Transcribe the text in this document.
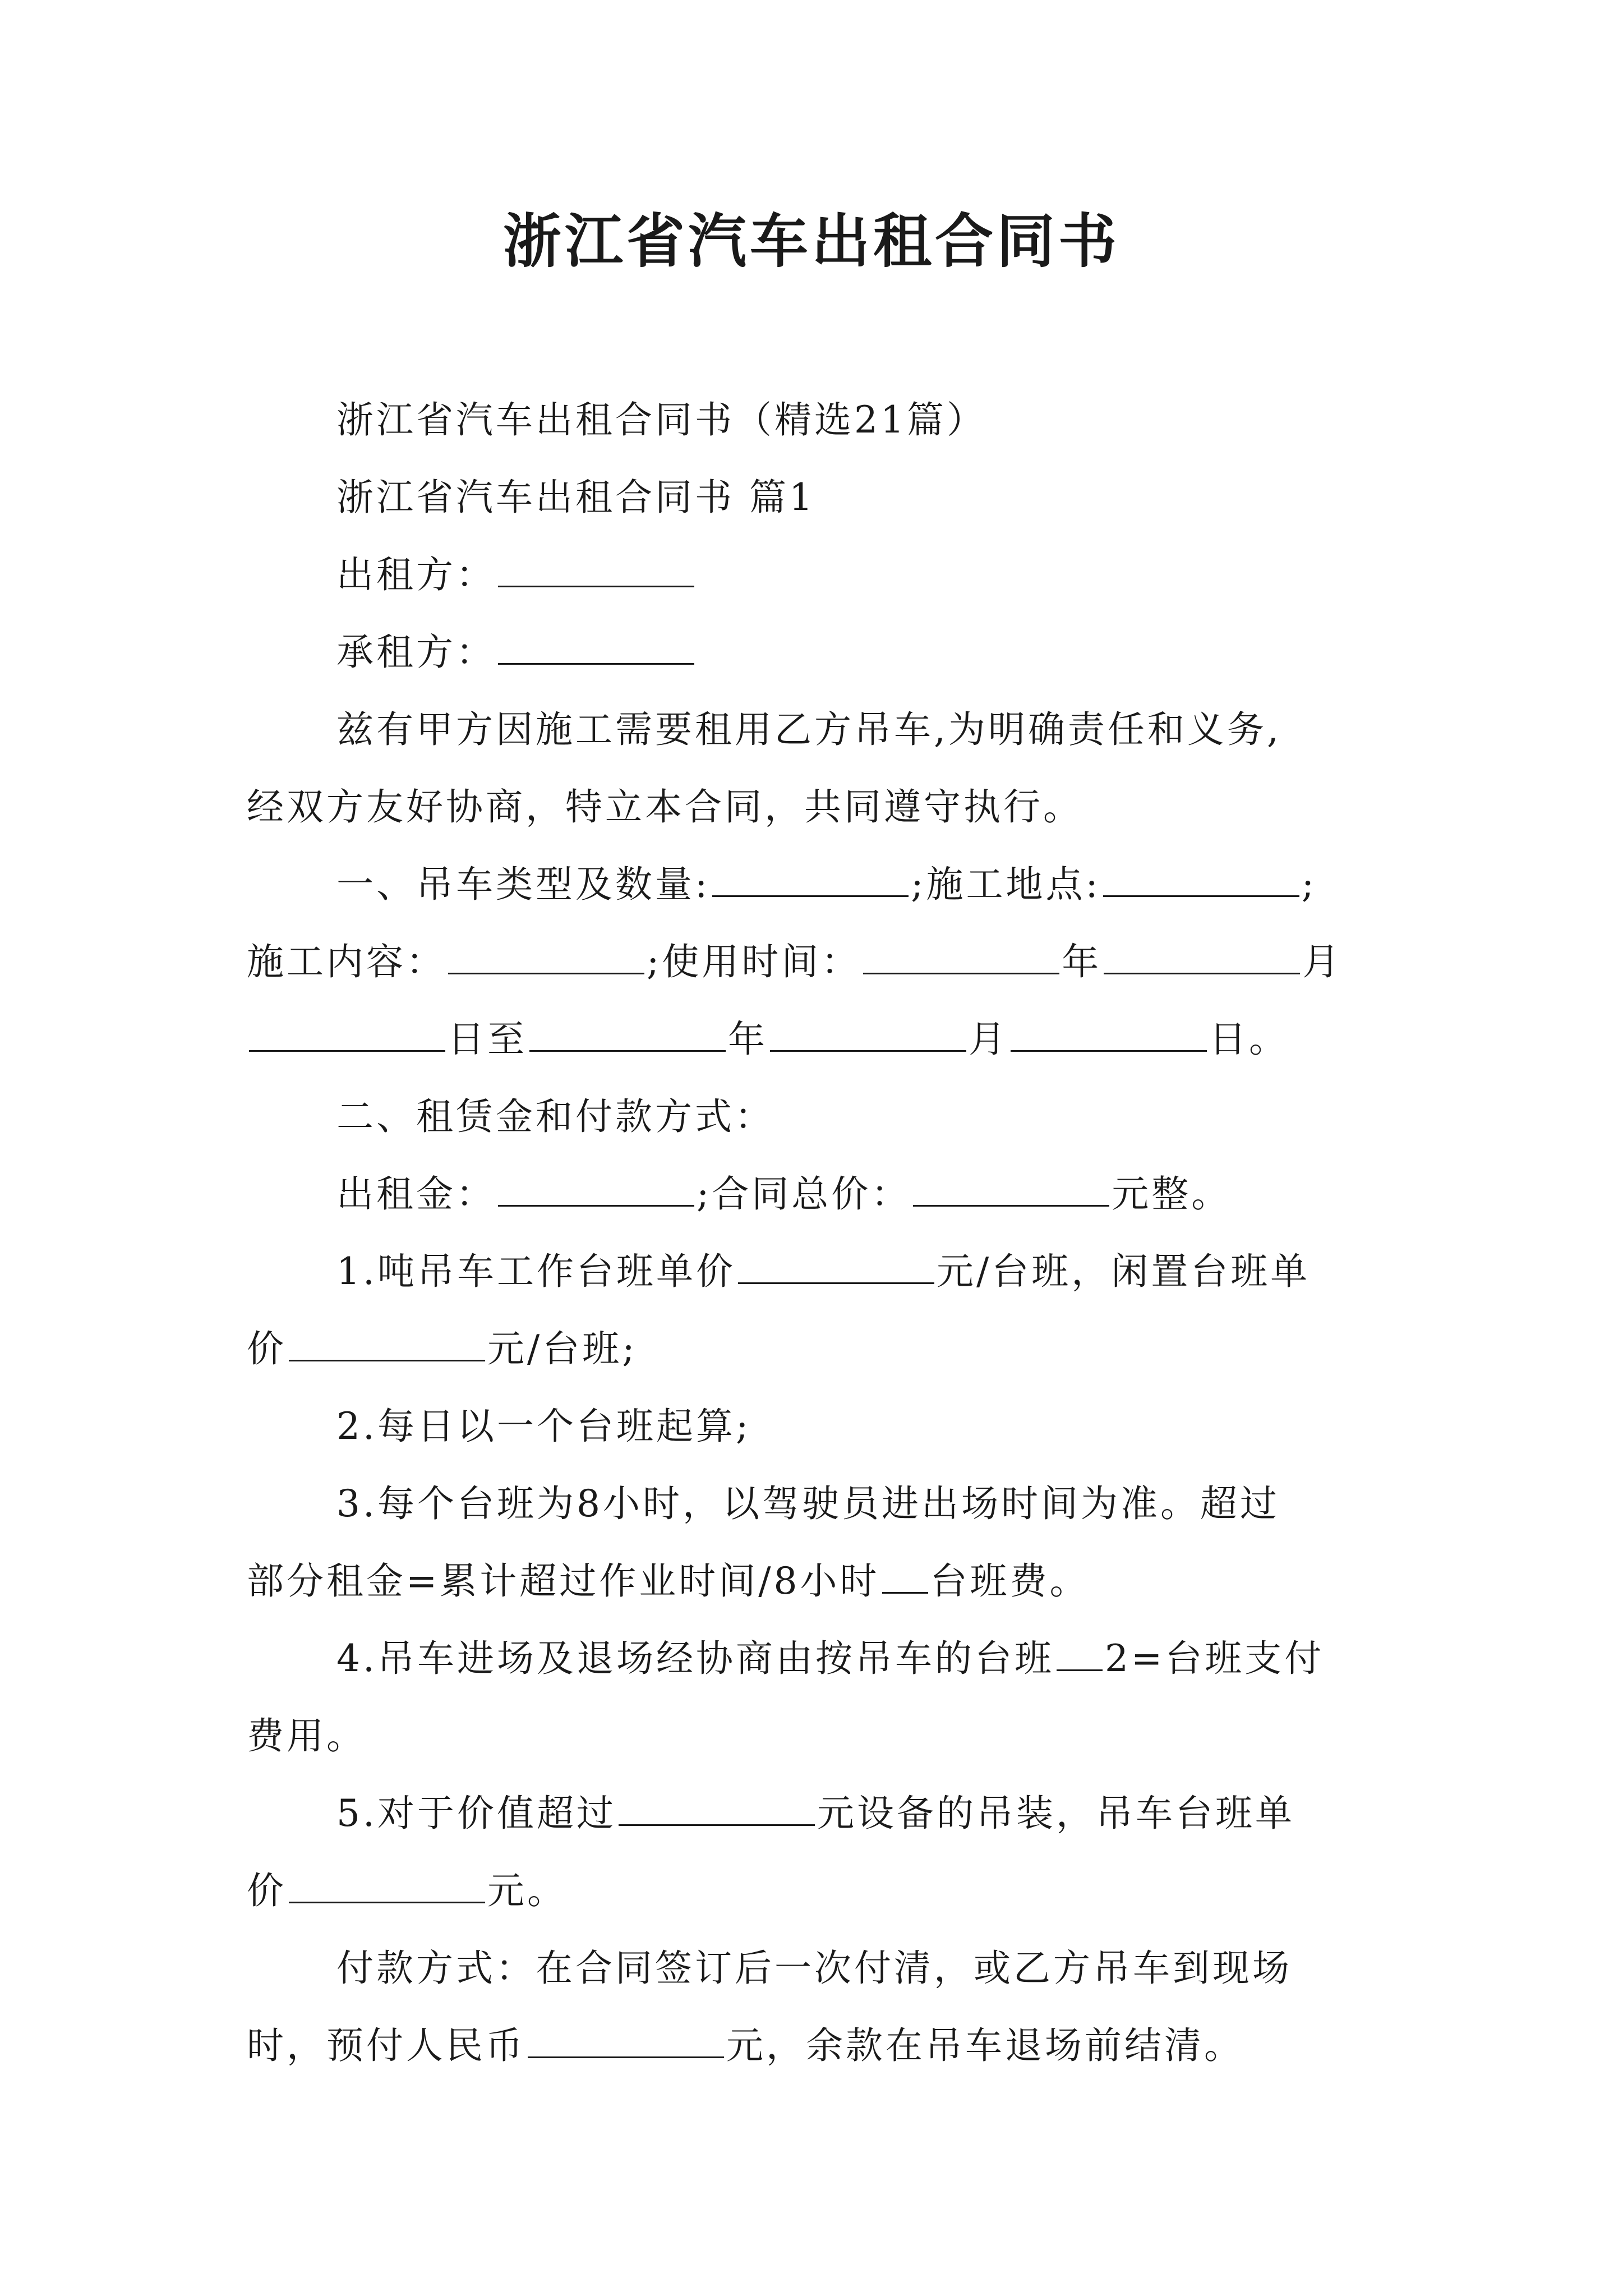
浙江省汽车出租合同书
浙江省汽车出租合同书（精选21篇）
浙江省汽车出租合同书 篇1
出租方：
承租方：
兹有甲方因施工需要租用乙方吊车,为明确责任和义务,
经双方友好协商，特立本合同，共同遵守执行。
一、吊车类型及数量:	;施工地点:	;
施工内容：	;使用时间：	年	月
日至	年	月	日。
二、租赁金和付款方式：
出租金：	;合同总价：	元整。
1.吨吊车工作台班单价	元/台班，闲置台班单
价	元/台班;
2.每日以一个台班起算;
3.每个台班为8小时，以驾驶员进出场时间为准。超过
部分租金=累计超过作业时间/8小时 台班费。
4.吊车进场及退场经协商由按吊车的台班 2=台班支付
费用。
5.对于价值超过	元设备的吊装，吊车台班单
价	元。
付款方式：在合同签订后一次付清，或乙方吊车到现场
时，预付人民币	元，余款在吊车退场前结清。
